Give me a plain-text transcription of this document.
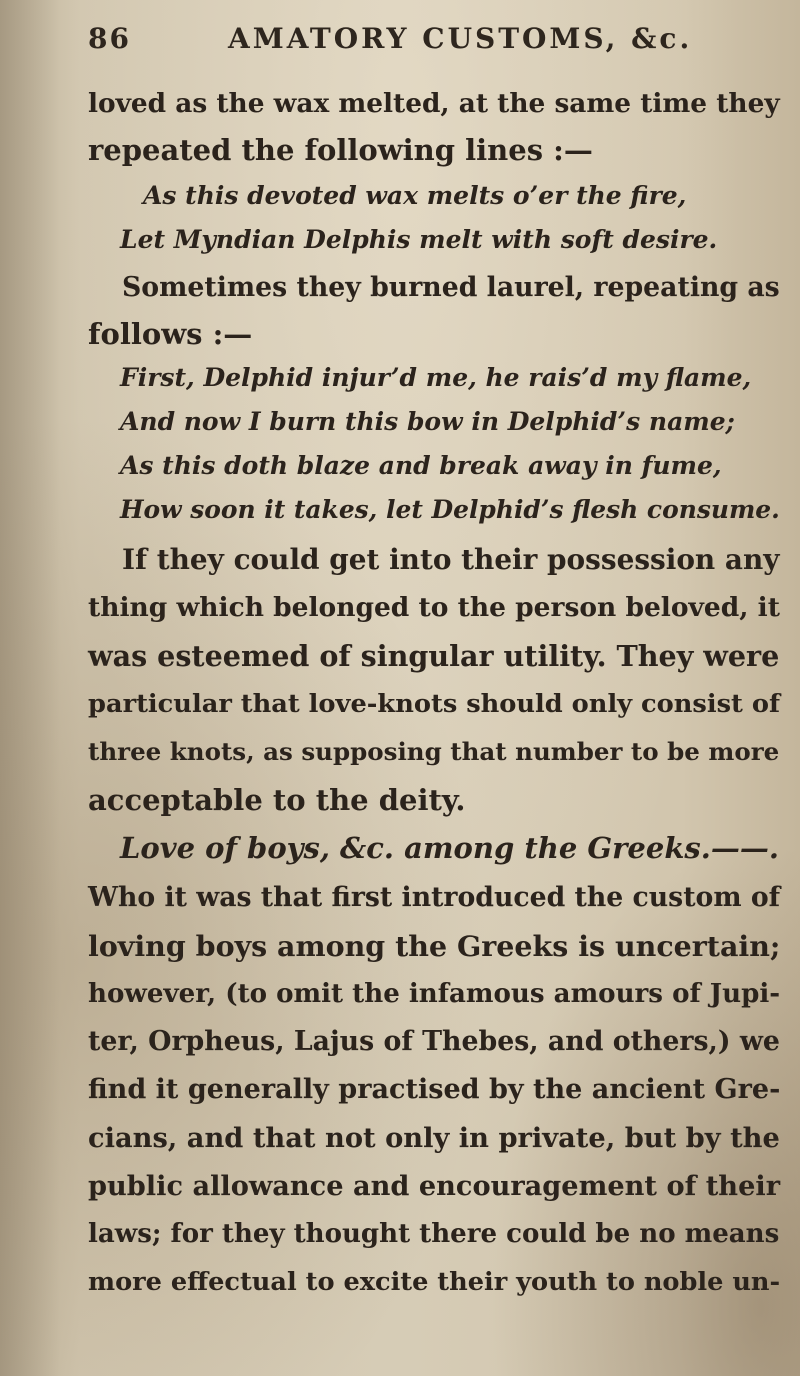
86	AMATORY CUSTOMS, &c.
loved as the wax melted, at the same time they
repeated the following lines :—
As this devoted wax melts o’er the fire,
Let Myndian Delphis melt with soft desire.
Sometimes they burned laurel, repeating as
follows :—
First, Delphid injur’d me, he rais’d my flame,
And now I burn this bow in Delphid’s name;
As this doth blaze and break away in fume,
How soon it takes, let Delphid’s flesh consume.
If they could get into their possession any
thing which belonged to the person beloved, it
was esteemed of singular utility. They were
particular that love-knots should only consist of
three knots, as supposing that number to be more
acceptable to the deity.
Love of boys, &c. among the Greeks.——.
Who it was that first introduced the custom of
loving boys among the Greeks is uncertain;
however, (to omit the infamous amours of Jupi-
ter, Orpheus, Lajus of Thebes, and others,) we
find it generally practised by the ancient Gre-
cians, and that not only in private, but by the
public allowance and encouragement of their
laws; for they thought there could be no means
more effectual to excite their youth to noble un-
